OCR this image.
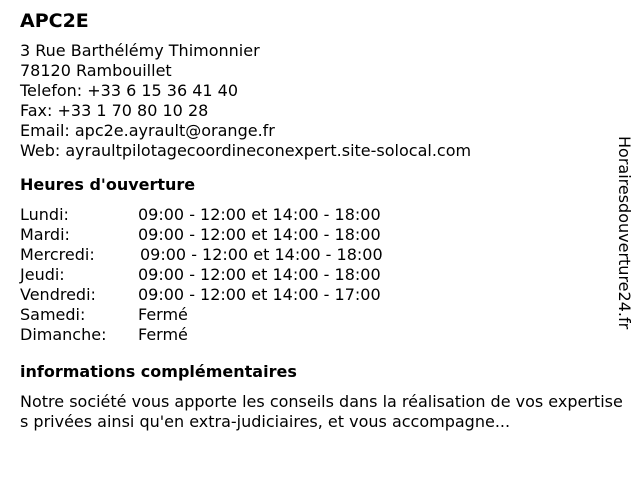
APC2E
3 Rue Barthélémy Thimonnier
78120 Rambouillet
Telefon: +33 6 15 36 41 40
Fax: +33 1 70 80 10 28
Email: apc2e.ayrault@orange.fr
Web: ayraultpilotagecoordineconexpert.site-solocal.com
Heures d'ouverture
Lundi:	09:00 - 12:00 et 14:00 - 18:00
Mardi:	09:00 - 12:00 et 14:00 - 18:00
Mercredi:	09:00 - 12:00 et 14:00 - 18:00
Jeudi:	09:00 - 12:00 et 14:00 - 18:00
Vendredi:	09:00 - 12:00 et 14:00 - 17:00
Samedi:	Fermé
Dimanche: Fermé
informations complémentaires
Notre société vous apporte les conseils dans la réalisation de vos expertises privées ainsi qu'en extra-judiciaires, et vous accompagne...
Horairesdouverture24.fr
